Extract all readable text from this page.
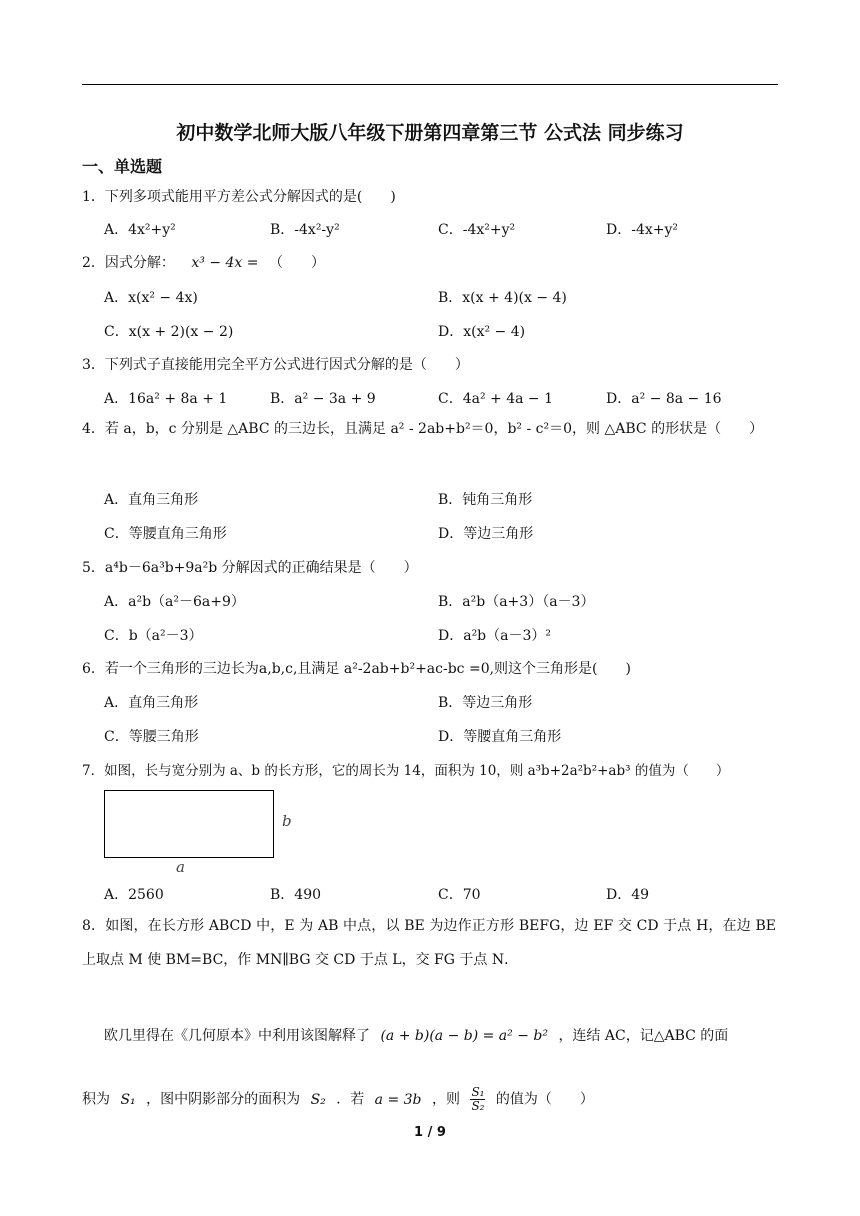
初中数学北师大版八年级下册第四章第三节 公式法 同步练习
一、单选题
1．下列多项式能用平方差公式分解因式的是(　　)
A．4x²+y²	B．-4x²-y²	C．-4x²+y²	D．-4x+y²
2．因式分解： x³ − 4x = （　　）
A．x(x² − 4x)	B．x(x + 4)(x − 4)
C．x(x + 2)(x − 2)	D．x(x² − 4)
3．下列式子直接能用完全平方公式进行因式分解的是（　　）
A．16a² + 8a + 1	B．a² − 3a + 9	C．4a² + 4a − 1	D．a² − 8a − 16
4．若 a，b，c 分别是 △ABC 的三边长，且满足 a² - 2ab+b²＝0，b² - c²＝0，则 △ABC 的形状是（　　）
A．直角三角形	B．钝角三角形
C．等腰直角三角形	D．等边三角形
5．a⁴b－6a³b+9a²b 分解因式的正确结果是（　　）
A．a²b（a²－6a+9）	B．a²b（a+3）（a－3）
C．b（a²－3）	D．a²b（a－3）²
6．若一个三角形的三边长为a,b,c,且满足 a²-2ab+b²+ac-bc =0,则这个三角形是(　　)
A．直角三角形	B．等边三角形
C．等腰三角形	D．等腰直角三角形
7．如图，长与宽分别为 a、b 的长方形，它的周长为 14，面积为 10，则 a³b+2a²b²+ab³ 的值为（　　）
b
a
A．2560	B．490	C．70	D．49
8．如图，在长方形 ABCD 中，E 为 AB 中点，以 BE 为边作正方形 BEFG，边 EF 交 CD 于点 H，在边 BE 上取点 M 使 BM=BC，作 MN∥BG 交 CD 于点 L，交 FG 于点 N．
欧几里得在《几何原本》中利用该图解释了 (a + b)(a − b) = a² − b² ，连结 AC，记△ABC 的面
积为 S₁ ，图中阴影部分的面积为 S₂ ．若 a = 3b ，则 $\frac{\text{S₁}}{\text{S₂}}$ 的值为（　　）
1 / 9
